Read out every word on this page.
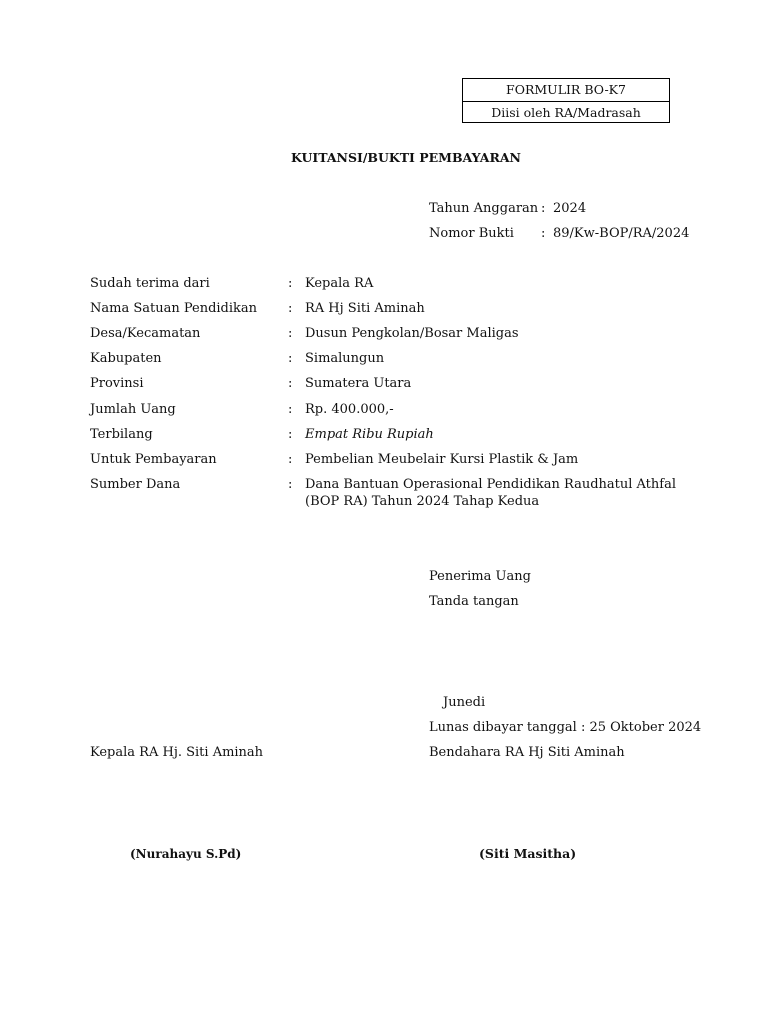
FORMULIR BO-K7
Diisi oleh RA/Madrasah
KUITANSI/BUKTI PEMBAYARAN
Tahun Anggaran : 2024
Nomor Bukti : 89/Kw-BOP/RA/2024
Sudah terima dari	: Kepala RA
Nama Satuan Pendidikan : RA Hj Siti Aminah
Desa/Kecamatan	: Dusun Pengkolan/Bosar Maligas
Kabupaten	: Simalungun
Provinsi	: Sumatera Utara
Jumlah Uang	: Rp. 400.000,-
Terbilang	: Empat Ribu Rupiah
Untuk Pembayaran	: Pembelian Meubelair Kursi Plastik & Jam
Sumber Dana	: Dana Bantuan Operasional Pendidikan Raudhatul Athfal
(BOP RA) Tahun 2024 Tahap Kedua
Penerima Uang
Tanda tangan
Junedi
Lunas dibayar tanggal : 25 Oktober 2024
Kepala RA Hj. Siti Aminah	Bendahara RA Hj Siti Aminah
(Nurahayu S.Pd)	(Siti Masitha)
